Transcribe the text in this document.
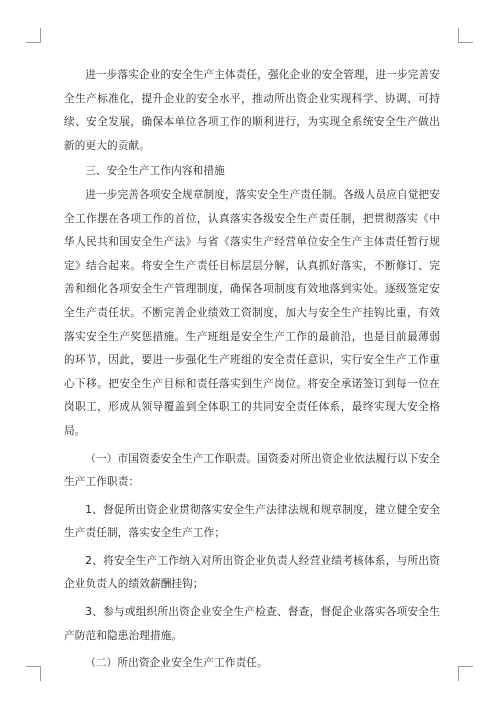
进一步落实企业的安全生产主体责任，强化企业的安全管理，进一步完善安全生产标准化，提升企业的安全水平，推动所出资企业实现科学、协调、可持续、安全发展，确保本单位各项工作的顺利进行，为实现全系统安全生产做出新的更大的贡献。

三、安全生产工作内容和措施

进一步完善各项安全规章制度，落实安全生产责任制。各级人员应自觉把安全工作摆在各项工作的首位，认真落实各级安全生产责任制，把贯彻落实《中华人民共和国安全生产法》与省《落实生产经营单位安全生产主体责任暂行规定》结合起来。将安全生产责任目标层层分解，认真抓好落实，不断修订、完善和细化各项安全生产管理制度，确保各项制度有效地落到实处。逐级签定安全生产责任状。不断完善企业绩效工资制度，加大与安全生产挂钩比重，有效落实安全生产奖惩措施。生产班组是安全生产工作的最前沿，也是目前最薄弱的环节，因此，要进一步强化生产班组的安全责任意识，实行安全生产工作重心下移。把安全生产目标和责任落实到生产岗位。将安全承诺签订到每一位在岗职工，形成从领导覆盖到全体职工的共同安全责任体系，最终实现大安全格局。

（一）市国资委安全生产工作职责。国资委对所出资企业依法履行以下安全生产工作职责：

1、督促所出资企业贯彻落实安全生产法律法规和规章制度，建立健全安全生产责任制，落实安全生产工作；

2、将安全生产工作纳入对所出资企业负责人经营业绩考核体系，与所出资企业负责人的绩效薪酬挂钩；

3、参与或组织所出资企业安全生产检查、督查，督促企业落实各项安全生产防范和隐患治理措施。

（二）所出资企业安全生产工作责任。
